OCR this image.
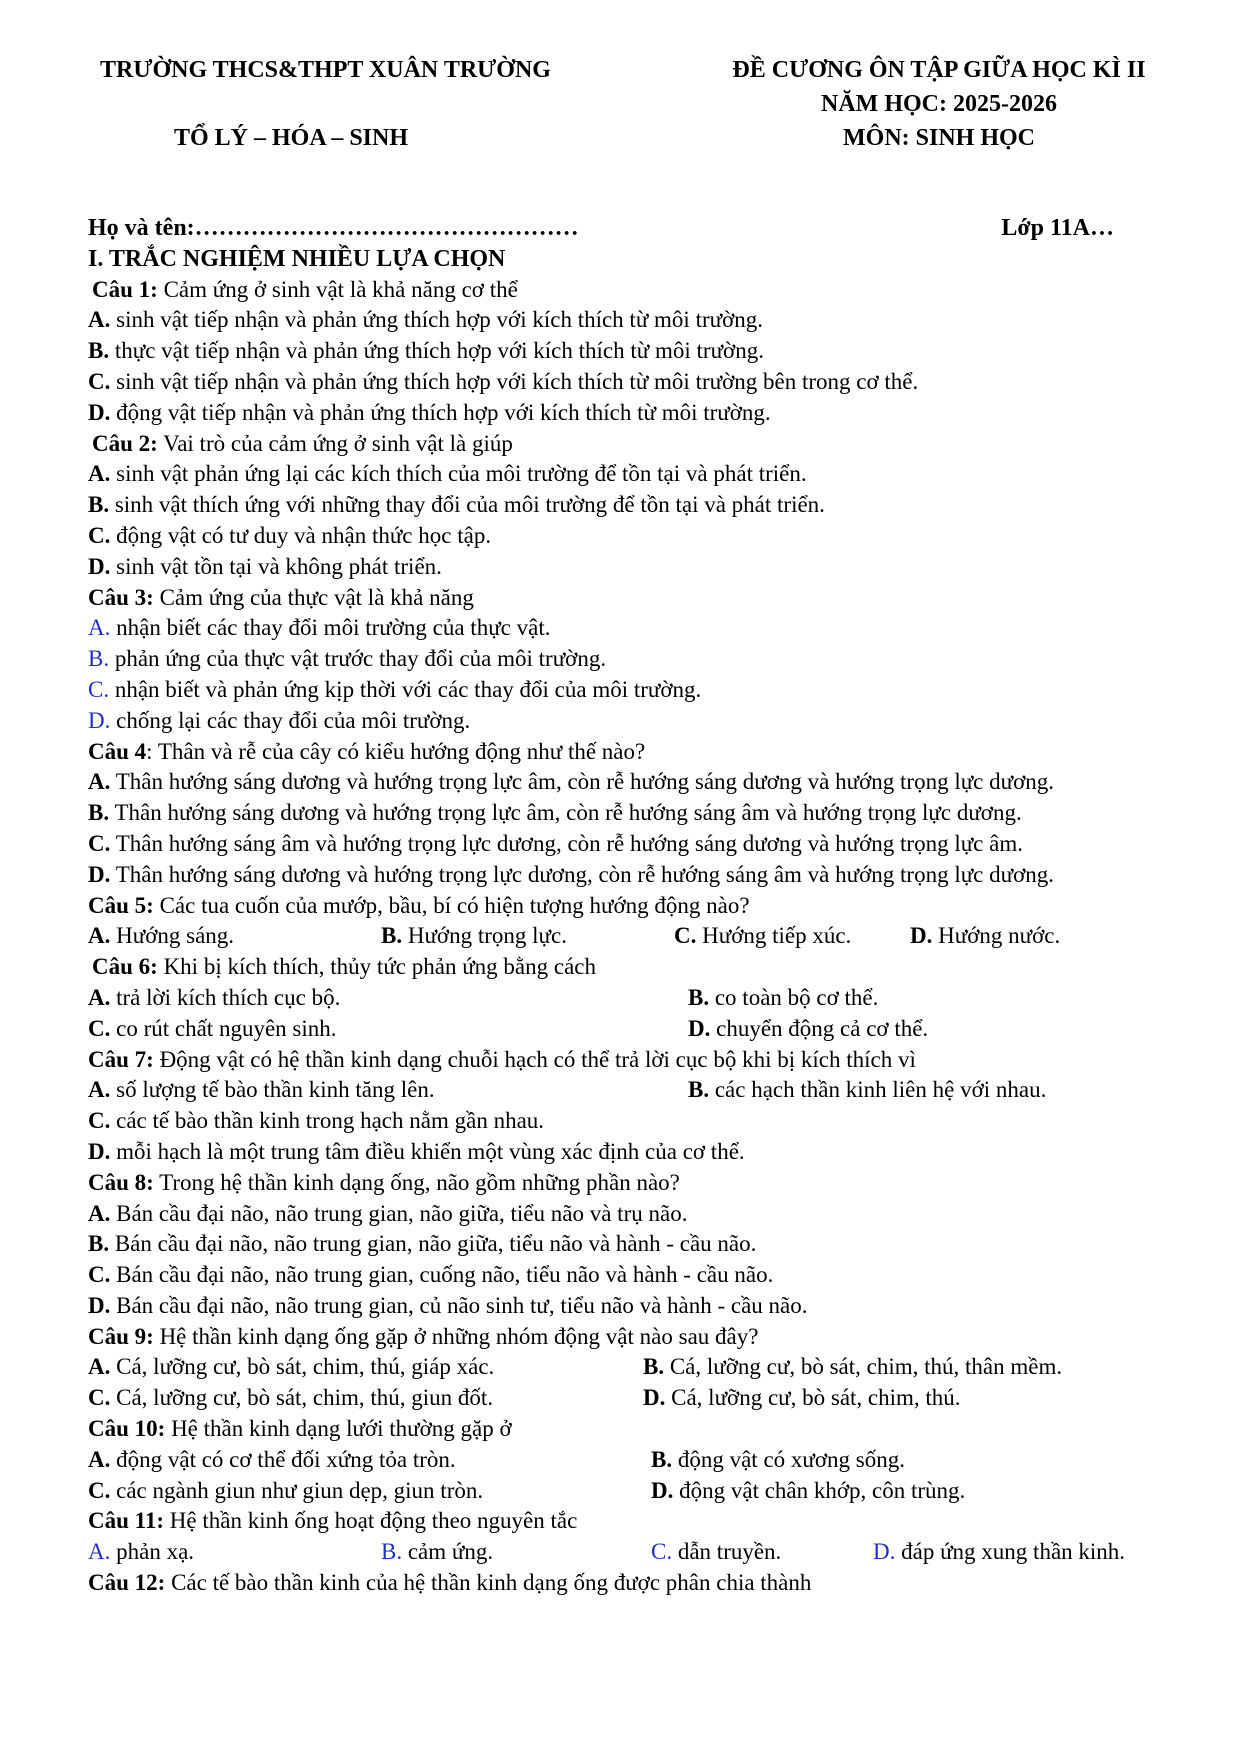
TRƯỜNG THCS&THPT XUÂN TRƯỜNG
TỔ LÝ – HÓA – SINH
ĐỀ CƯƠNG ÔN TẬP GIỮA HỌC KÌ II
NĂM HỌC: 2025-2026
MÔN: SINH HỌC
Họ và tên:…………………………………………	Lớp 11A…
I. TRẮC NGHIỆM NHIỀU LỰA CHỌN
Câu 1: Cảm ứng ở sinh vật là khả năng cơ thể
A. sinh vật tiếp nhận và phản ứng thích hợp với kích thích từ môi trường.
B. thực vật tiếp nhận và phản ứng thích hợp với kích thích từ môi trường.
C. sinh vật tiếp nhận và phản ứng thích hợp với kích thích từ môi trường bên trong cơ thể.
D. động vật tiếp nhận và phản ứng thích hợp với kích thích từ môi trường.
Câu 2: Vai trò của cảm ứng ở sinh vật là giúp
A. sinh vật phản ứng lại các kích thích của môi trường để tồn tại và phát triển.
B. sinh vật thích ứng với những thay đổi của môi trường để tồn tại và phát triển.
C. động vật có tư duy và nhận thức học tập.
D. sinh vật tồn tại và không phát triển.
Câu 3: Cảm ứng của thực vật là khả năng
A. nhận biết các thay đổi môi trường của thực vật.
B. phản ứng của thực vật trước thay đổi của môi trường.
C. nhận biết và phản ứng kịp thời với các thay đổi của môi trường.
D. chống lại các thay đổi của môi trường.
Câu 4: Thân và rễ của cây có kiểu hướng động như thế nào?
A. Thân hướng sáng dương và hướng trọng lực âm, còn rễ hướng sáng dương và hướng trọng lực dương.
B. Thân hướng sáng dương và hướng trọng lực âm, còn rễ hướng sáng âm và hướng trọng lực dương.
C. Thân hướng sáng âm và hướng trọng lực dương, còn rễ hướng sáng dương và hướng trọng lực âm.
D. Thân hướng sáng dương và hướng trọng lực dương, còn rễ hướng sáng âm và hướng trọng lực dương.
Câu 5: Các tua cuốn của mướp, bầu, bí có hiện tượng hướng động nào?
A. Hướng sáng.	B. Hướng trọng lực.	C. Hướng tiếp xúc.	D. Hướng nước.
Câu 6: Khi bị kích thích, thủy tức phản ứng bằng cách
A. trả lời kích thích cục bộ.	B. co toàn bộ cơ thể.
C. co rút chất nguyên sinh.	D. chuyển động cả cơ thể.
Câu 7: Động vật có hệ thần kinh dạng chuỗi hạch có thể trả lời cục bộ khi bị kích thích vì
A. số lượng tế bào thần kinh tăng lên.	B. các hạch thần kinh liên hệ với nhau.
C. các tế bào thần kinh trong hạch nằm gần nhau.
D. mỗi hạch là một trung tâm điều khiển một vùng xác định của cơ thể.
Câu 8: Trong hệ thần kinh dạng ống, não gồm những phần nào?
A. Bán cầu đại não, não trung gian, não giữa, tiểu não và trụ não.
B. Bán cầu đại não, não trung gian, não giữa, tiểu não và hành - cầu não.
C. Bán cầu đại não, não trung gian, cuống não, tiểu não và hành - cầu não.
D. Bán cầu đại não, não trung gian, củ não sinh tư, tiểu não và hành - cầu não.
Câu 9: Hệ thần kinh dạng ống gặp ở những nhóm động vật nào sau đây?
A. Cá, lưỡng cư, bò sát, chim, thú, giáp xác.	B. Cá, lưỡng cư, bò sát, chim, thú, thân mềm.
C. Cá, lưỡng cư, bò sát, chim, thú, giun đốt.	D. Cá, lưỡng cư, bò sát, chim, thú.
Câu 10: Hệ thần kinh dạng lưới thường gặp ở
A. động vật có cơ thể đối xứng tỏa tròn.	B. động vật có xương sống.
C. các ngành giun như giun dẹp, giun tròn.	D. động vật chân khớp, côn trùng.
Câu 11: Hệ thần kinh ống hoạt động theo nguyên tắc
A. phản xạ.	B. cảm ứng.	C. dẫn truyền.	D. đáp ứng xung thần kinh.
Câu 12: Các tế bào thần kinh của hệ thần kinh dạng ống được phân chia thành
